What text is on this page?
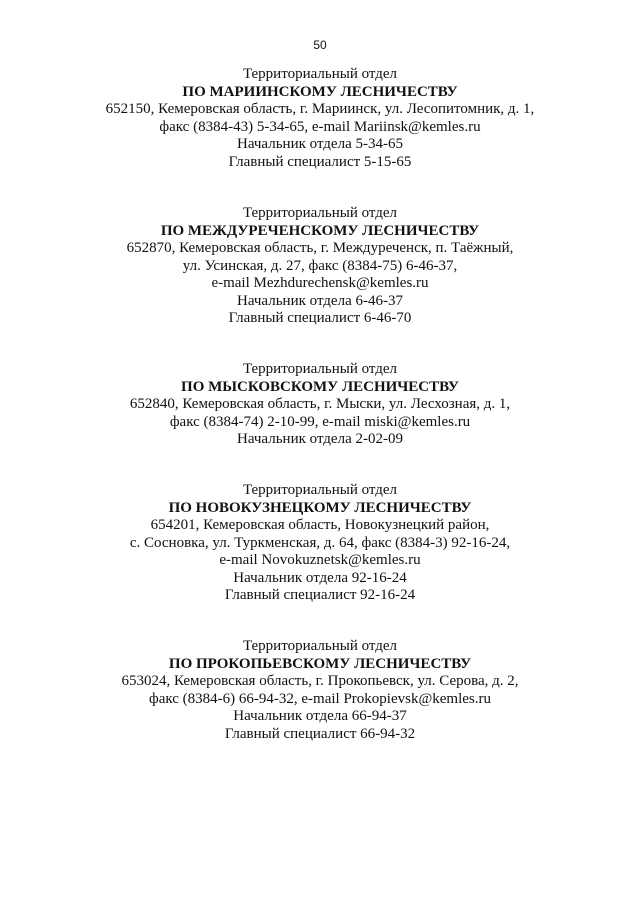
50
Территориальный отдел
ПО МАРИИНСКОМУ ЛЕСНИЧЕСТВУ
652150, Кемеровская область, г. Мариинск, ул. Лесопитомник, д. 1,
факс (8384-43) 5-34-65, e-mail Mariinsk@kemles.ru
Начальник отдела 5-34-65
Главный специалист 5-15-65
Территориальный отдел
ПО МЕЖДУРЕЧЕНСКОМУ ЛЕСНИЧЕСТВУ
652870, Кемеровская область, г. Междуреченск, п. Таёжный,
ул. Усинская, д. 27, факс (8384-75) 6-46-37,
e-mail Mezhdurechensk@kemles.ru
Начальник отдела 6-46-37
Главный специалист 6-46-70
Территориальный отдел
ПО МЫСКОВСКОМУ ЛЕСНИЧЕСТВУ
652840, Кемеровская область, г. Мыски, ул. Лесхозная, д. 1,
факс (8384-74) 2-10-99, e-mail miski@kemles.ru
Начальник отдела 2-02-09
Территориальный отдел
ПО НОВОКУЗНЕЦКОМУ ЛЕСНИЧЕСТВУ
654201, Кемеровская область, Новокузнецкий район,
с. Сосновка, ул. Туркменская, д. 64, факс (8384-3) 92-16-24,
e-mail Novokuznetsk@kemles.ru
Начальник отдела 92-16-24
Главный специалист 92-16-24
Территориальный отдел
ПО ПРОКОПЬЕВСКОМУ ЛЕСНИЧЕСТВУ
653024, Кемеровская область, г. Прокопьевск, ул. Серова, д. 2,
факс (8384-6) 66-94-32, e-mail Prokopievsk@kemles.ru
Начальник отдела 66-94-37
Главный специалист 66-94-32
